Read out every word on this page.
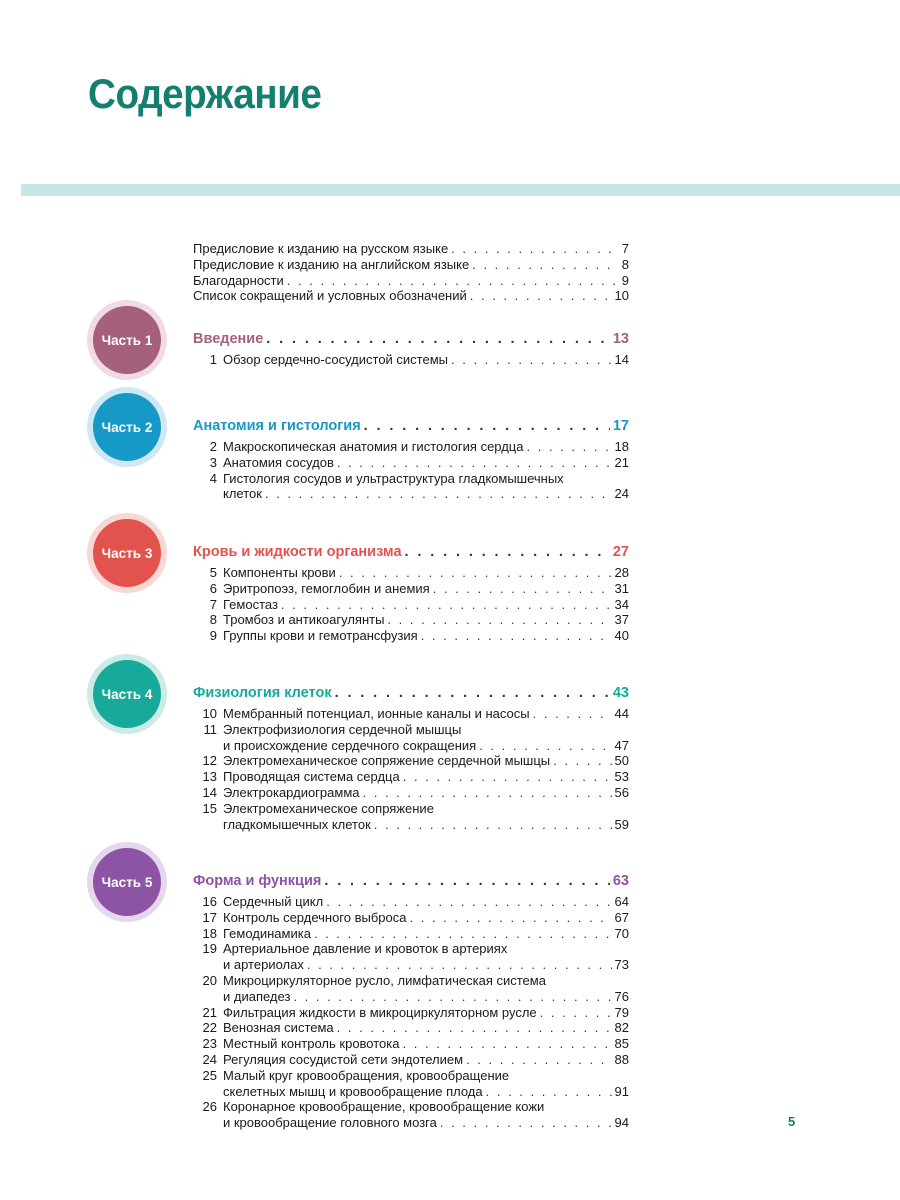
Содержание
Предисловие к изданию на русском языке . . .	7
Предисловие к изданию на английском языке . . .	8
Благодарности . . .	9
Список сокращений и условных обозначений . . .	10
Часть 1
Часть 2
Часть 3
Часть 4
Часть 5
Введение . . .	13
1 Обзор сердечно-сосудистой системы . . .	14
Анатомия и гистология . . .	17
2 Макроскопическая анатомия и гистология сердца . . .	18
3 Анатомия сосудов . . .	21
4 Гистология сосудов и ультраструктура гладкомышечных
клеток . . .	24
Кровь и жидкости организма . . .	27
5 Компоненты крови . . .	28
6 Эритропоэз, гемоглобин и анемия . . .	31
7 Гемостаз . . .	34
8 Тромбоз и антикоагулянты . . .	37
9 Группы крови и гемотрансфузия . . .	40
Физиология клеток . . .	43
10 Мембранный потенциал, ионные каналы и насосы . . .	44
11 Электрофизиология сердечной мышцы
и происхождение сердечного сокращения . . .	47
12 Электромеханическое сопряжение сердечной мышцы . . .	50
13 Проводящая система сердца . . .	53
14 Электрокардиограмма . . .	56
15 Электромеханическое сопряжение
гладкомышечных клеток . . .	59
Форма и функция . . .	63
16 Сердечный цикл . . .	64
17 Контроль сердечного выброса . . .	67
18 Гемодинамика . . .	70
19 Артериальное давление и кровоток в артериях
и артериолах . . .	73
20 Микроциркуляторное русло, лимфатическая система
и диапедез . . .	76
21 Фильтрация жидкости в микроциркуляторном русле . . .	79
22 Венозная система . . .	82
23 Местный контроль кровотока . . .	85
24 Регуляция сосудистой сети эндотелием . . .	88
25 Малый круг кровообращения, кровообращение
скелетных мышц и кровообращение плода . . .	91
26 Коронарное кровообращение, кровообращение кожи
и кровообращение головного мозга . . .	94	5
